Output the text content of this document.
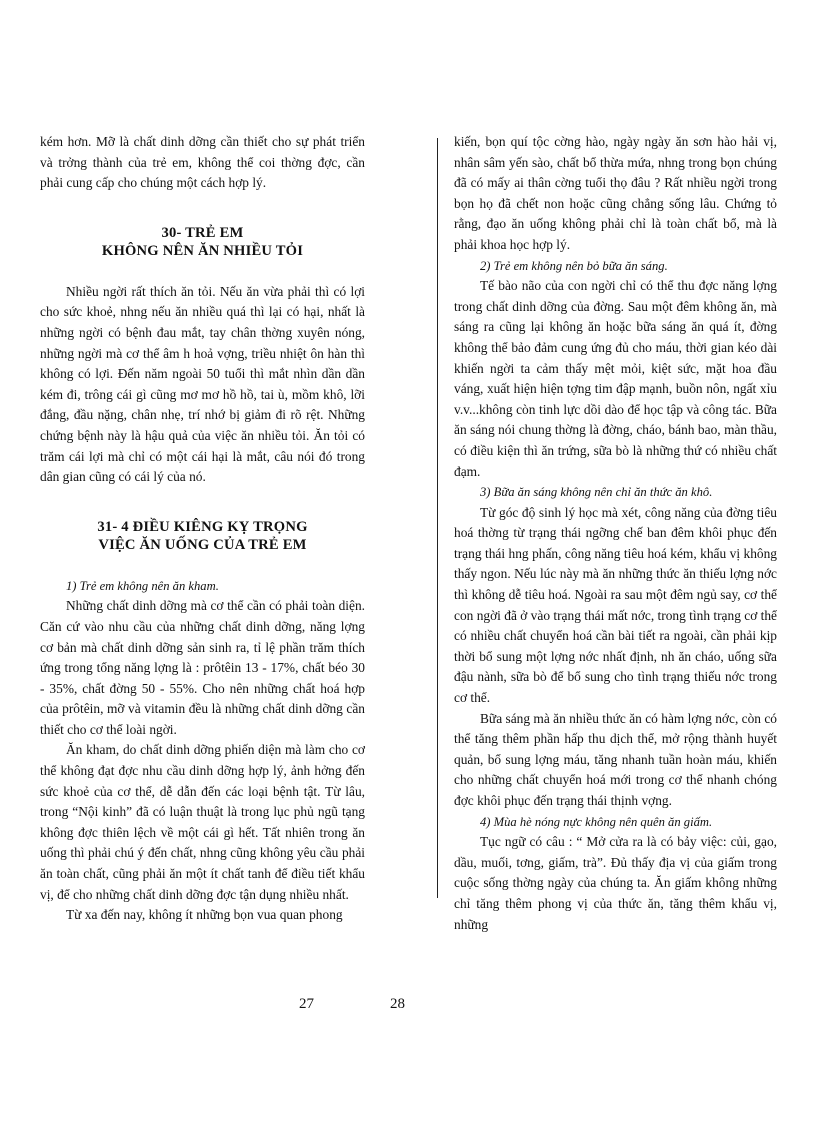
kém hơn. Mỡ là chất dinh dỡng cần thiết cho sự phát triển và trởng thành của trẻ em, không thể coi thờng đợc, cần phải cung cấp cho chúng một cách hợp lý.

30- TRẺ EM

KHÔNG NÊN ĂN NHIỀU TỎI

Nhiều ngời rất thích ăn tỏi. Nếu ăn vừa phải thì có lợi cho sức khoẻ, nhng nếu ăn nhiều quá thì lại có hại, nhất là những ngời có bệnh đau mắt, tay chân thờng xuyên nóng, những ngời mà cơ thể âm h hoả vợng, triều nhiệt ôn hàn thì không có lợi. Đến năm ngoài 50 tuổi thì mắt nhìn dần dần kém đi, trông cái gì cũng mơ mơ hồ hồ, tai ù, mồm khô, lỡi đắng, đầu nặng, chân nhẹ, trí nhớ bị giảm đi rõ rệt. Những chứng bệnh này là hậu quả của việc ăn nhiều tỏi. Ăn tỏi có trăm cái lợi mà chỉ có một cái hại là mắt, câu nói đó trong dân gian cũng có cái lý của nó.

31- 4 ĐIỀU KIÊNG KỴ TRỌNG

VIỆC ĂN UỐNG CỦA TRẺ EM

1) Trẻ em không nên ăn kham.

Những chất dinh dỡng mà cơ thể cần có phải toàn diện. Căn cứ vào nhu cầu của những chất dinh dỡng, năng lợng cơ bản mà chất dinh dỡng sản sinh ra, tỉ lệ phần trăm thích ứng trong tổng năng lợng là : prôtêin 13 - 17%, chất béo 30 - 35%, chất đờng 50 - 55%. Cho nên những chất hoá hợp của prôtêin, mỡ và vitamin đều là những chất dinh dỡng cần thiết cho cơ thể loài ngời.

Ăn kham, do chất dinh dỡng phiến diện mà làm cho cơ thể không đạt đợc nhu cầu dinh dỡng hợp lý, ảnh hởng đến sức khoẻ của cơ thể, dễ dẫn đến các loại bệnh tật. Từ lâu, trong “Nội kinh” đã có luận thuật là trong lục phủ ngũ tạng không đợc thiên lệch về một cái gì hết. Tất nhiên trong ăn uống thì phải chú ý đến chất, nhng cũng không yêu cầu phải ăn toàn chất, cũng phải ăn một ít chất tanh để điều tiết khẩu vị, để cho những chất dinh dỡng đợc tận dụng nhiều nhất.

Từ xa đến nay, không ít những bọn vua quan phong

kiến, bọn quí tộc cờng hào, ngày ngày ăn sơn hào hải vị, nhân sâm yến sào, chất bổ thừa mứa, nhng trong bọn chúng đã có mấy ai thân cờng tuổi thọ đâu ? Rất nhiều ngời trong bọn họ đã chết non hoặc cũng chẳng sống lâu. Chứng tỏ rằng, đạo ăn uống không phải chỉ là toàn chất bổ, mà là phải khoa học hợp lý.

2) Trẻ em không nên bỏ bữa ăn sáng.

Tế bào não của con ngời chỉ có thể thu đợc năng lợng trong chất dinh dỡng của đờng. Sau một đêm không ăn, mà sáng ra cũng lại không ăn hoặc bữa sáng ăn quá ít, đờng không thể bảo đảm cung ứng đủ cho máu, thời gian kéo dài khiến ngời ta cảm thấy mệt mỏi, kiệt sức, mặt hoa đầu váng, xuất hiện hiện tợng tim đập mạnh, buồn nôn, ngất xỉu v.v...không còn tinh lực dồi dào để học tập và công tác. Bữa ăn sáng nói chung thờng là đờng, cháo, bánh bao, màn thầu, có điều kiện thì ăn trứng, sữa bò là những thứ có nhiều chất đạm.

3) Bữa ăn sáng không nên chỉ ăn thức ăn khô.

Từ góc độ sinh lý học mà xét, công năng của đờng tiêu hoá thờng từ trạng thái ngỡng chế ban đêm khôi phục đến trạng thái hng phấn, công năng tiêu hoá kém, khẩu vị không thấy ngon. Nếu lúc này mà ăn những thức ăn thiếu lợng nớc thì không dễ tiêu hoá. Ngoài ra sau một đêm ngủ say, cơ thể con ngời đã ở vào trạng thái mất nớc, trong tình trạng cơ thể có nhiều chất chuyển hoá cần bài tiết ra ngoài, cần phải kịp thời bổ sung một lợng nớc nhất định, nh ăn cháo, uống sữa đậu nành, sữa bò để bổ sung cho tình trạng thiếu nớc trong cơ thể.

Bữa sáng mà ăn nhiều thức ăn có hàm lợng nớc, còn có thể tăng thêm phần hấp thu dịch thể, mở rộng thành huyết quản, bổ sung lợng máu, tăng nhanh tuần hoàn máu, khiến cho những chất chuyển hoá mới trong cơ thể nhanh chóng đợc khôi phục đến trạng thái thịnh vợng.

4) Mùa hè nóng nực không nên quên ăn giấm.

Tục ngữ có câu : “ Mở cửa ra là có bảy việc: củi, gạo, dầu, muối, tơng, giấm, trà”. Đủ thấy địa vị của giấm trong cuộc sống thờng ngày của chúng ta. Ăn giấm không những chỉ tăng thêm phong vị của thức ăn, tăng thêm khẩu vị, những

27	28
